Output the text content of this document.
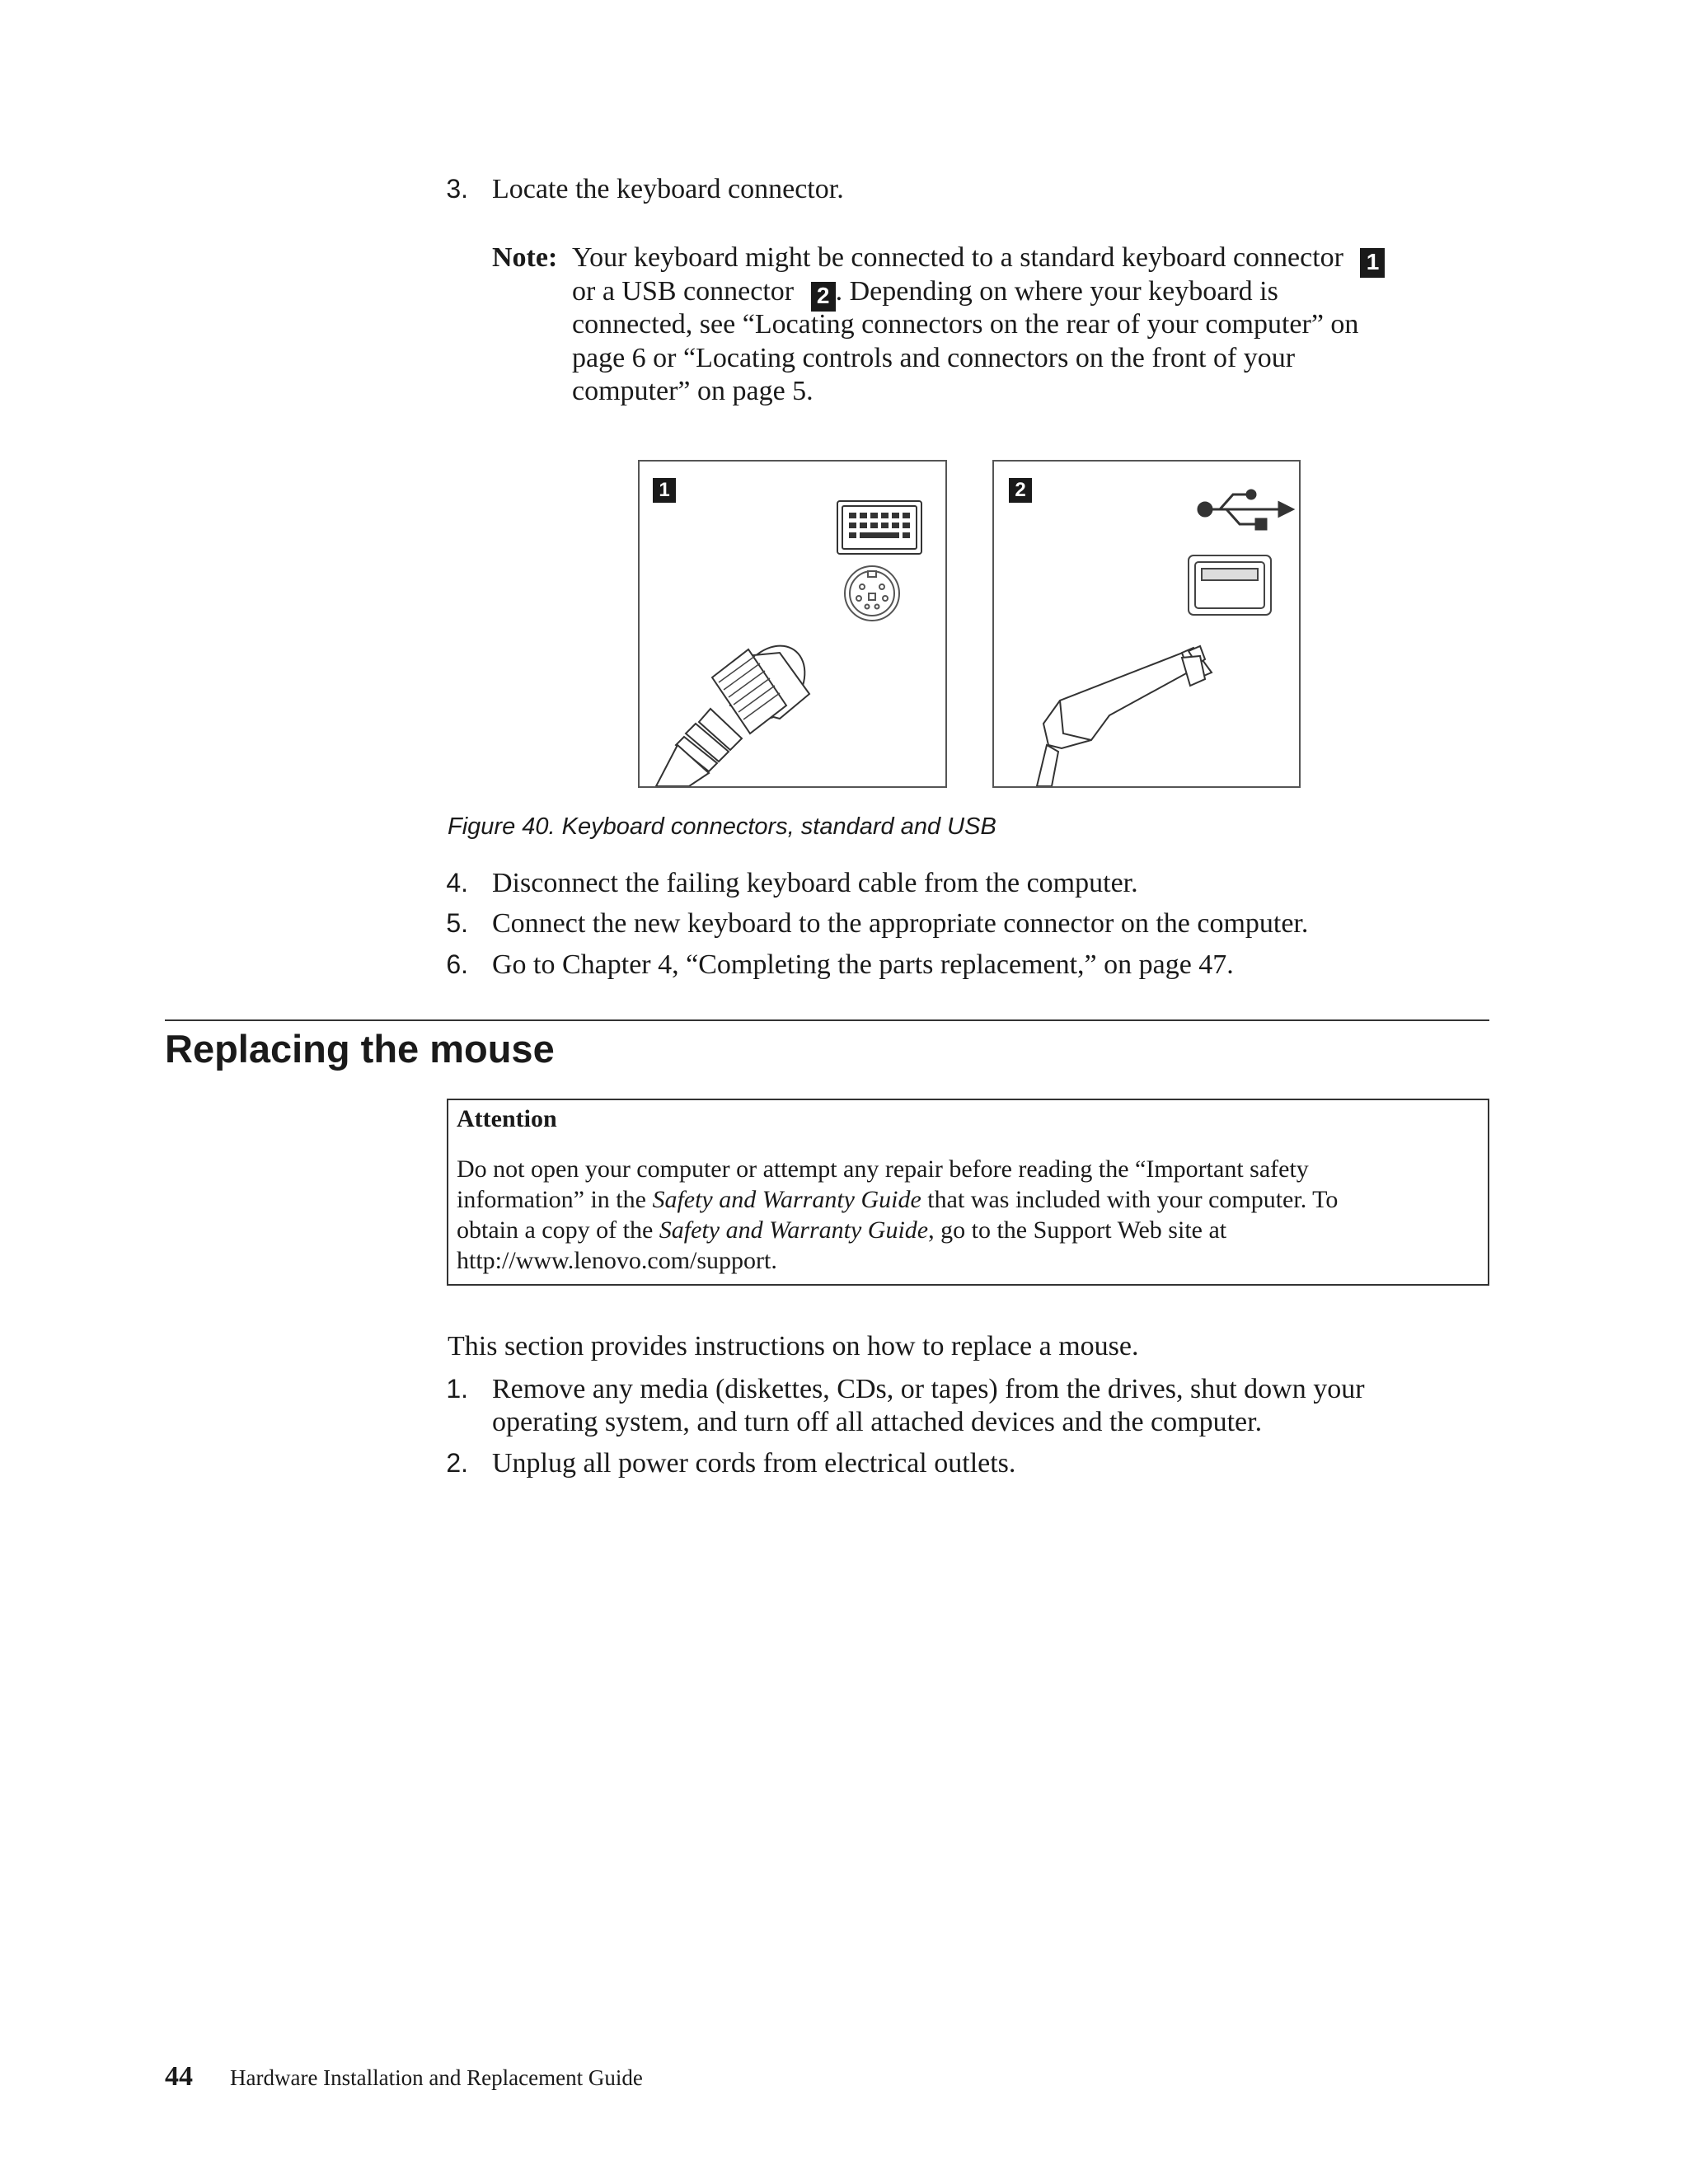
3. Locate the keyboard connector.
Note: Your keyboard might be connected to a standard keyboard connector 1
or a USB connector 2 . Depending on where your keyboard is
connected, see “Locating connectors on the rear of your computer” on
page 6 or “Locating controls and connectors on the front of your
computer” on page 5.
1	2
Figure 40. Keyboard connectors, standard and USB
4. Disconnect the failing keyboard cable from the computer.
5. Connect the new keyboard to the appropriate connector on the computer.
6. Go to Chapter 4, “Completing the parts replacement,” on page 47.
Replacing the mouse
Attention
Do not open your computer or attempt any repair before reading the “Important safety
information” in the Safety and Warranty Guide that was included with your computer. To
obtain a copy of the Safety and Warranty Guide, go to the Support Web site at
http://www.lenovo.com/support.
This section provides instructions on how to replace a mouse.
1. Remove any media (diskettes, CDs, or tapes) from the drives, shut down your
operating system, and turn off all attached devices and the computer.
2. Unplug all power cords from electrical outlets.
44 Hardware Installation and Replacement Guide
